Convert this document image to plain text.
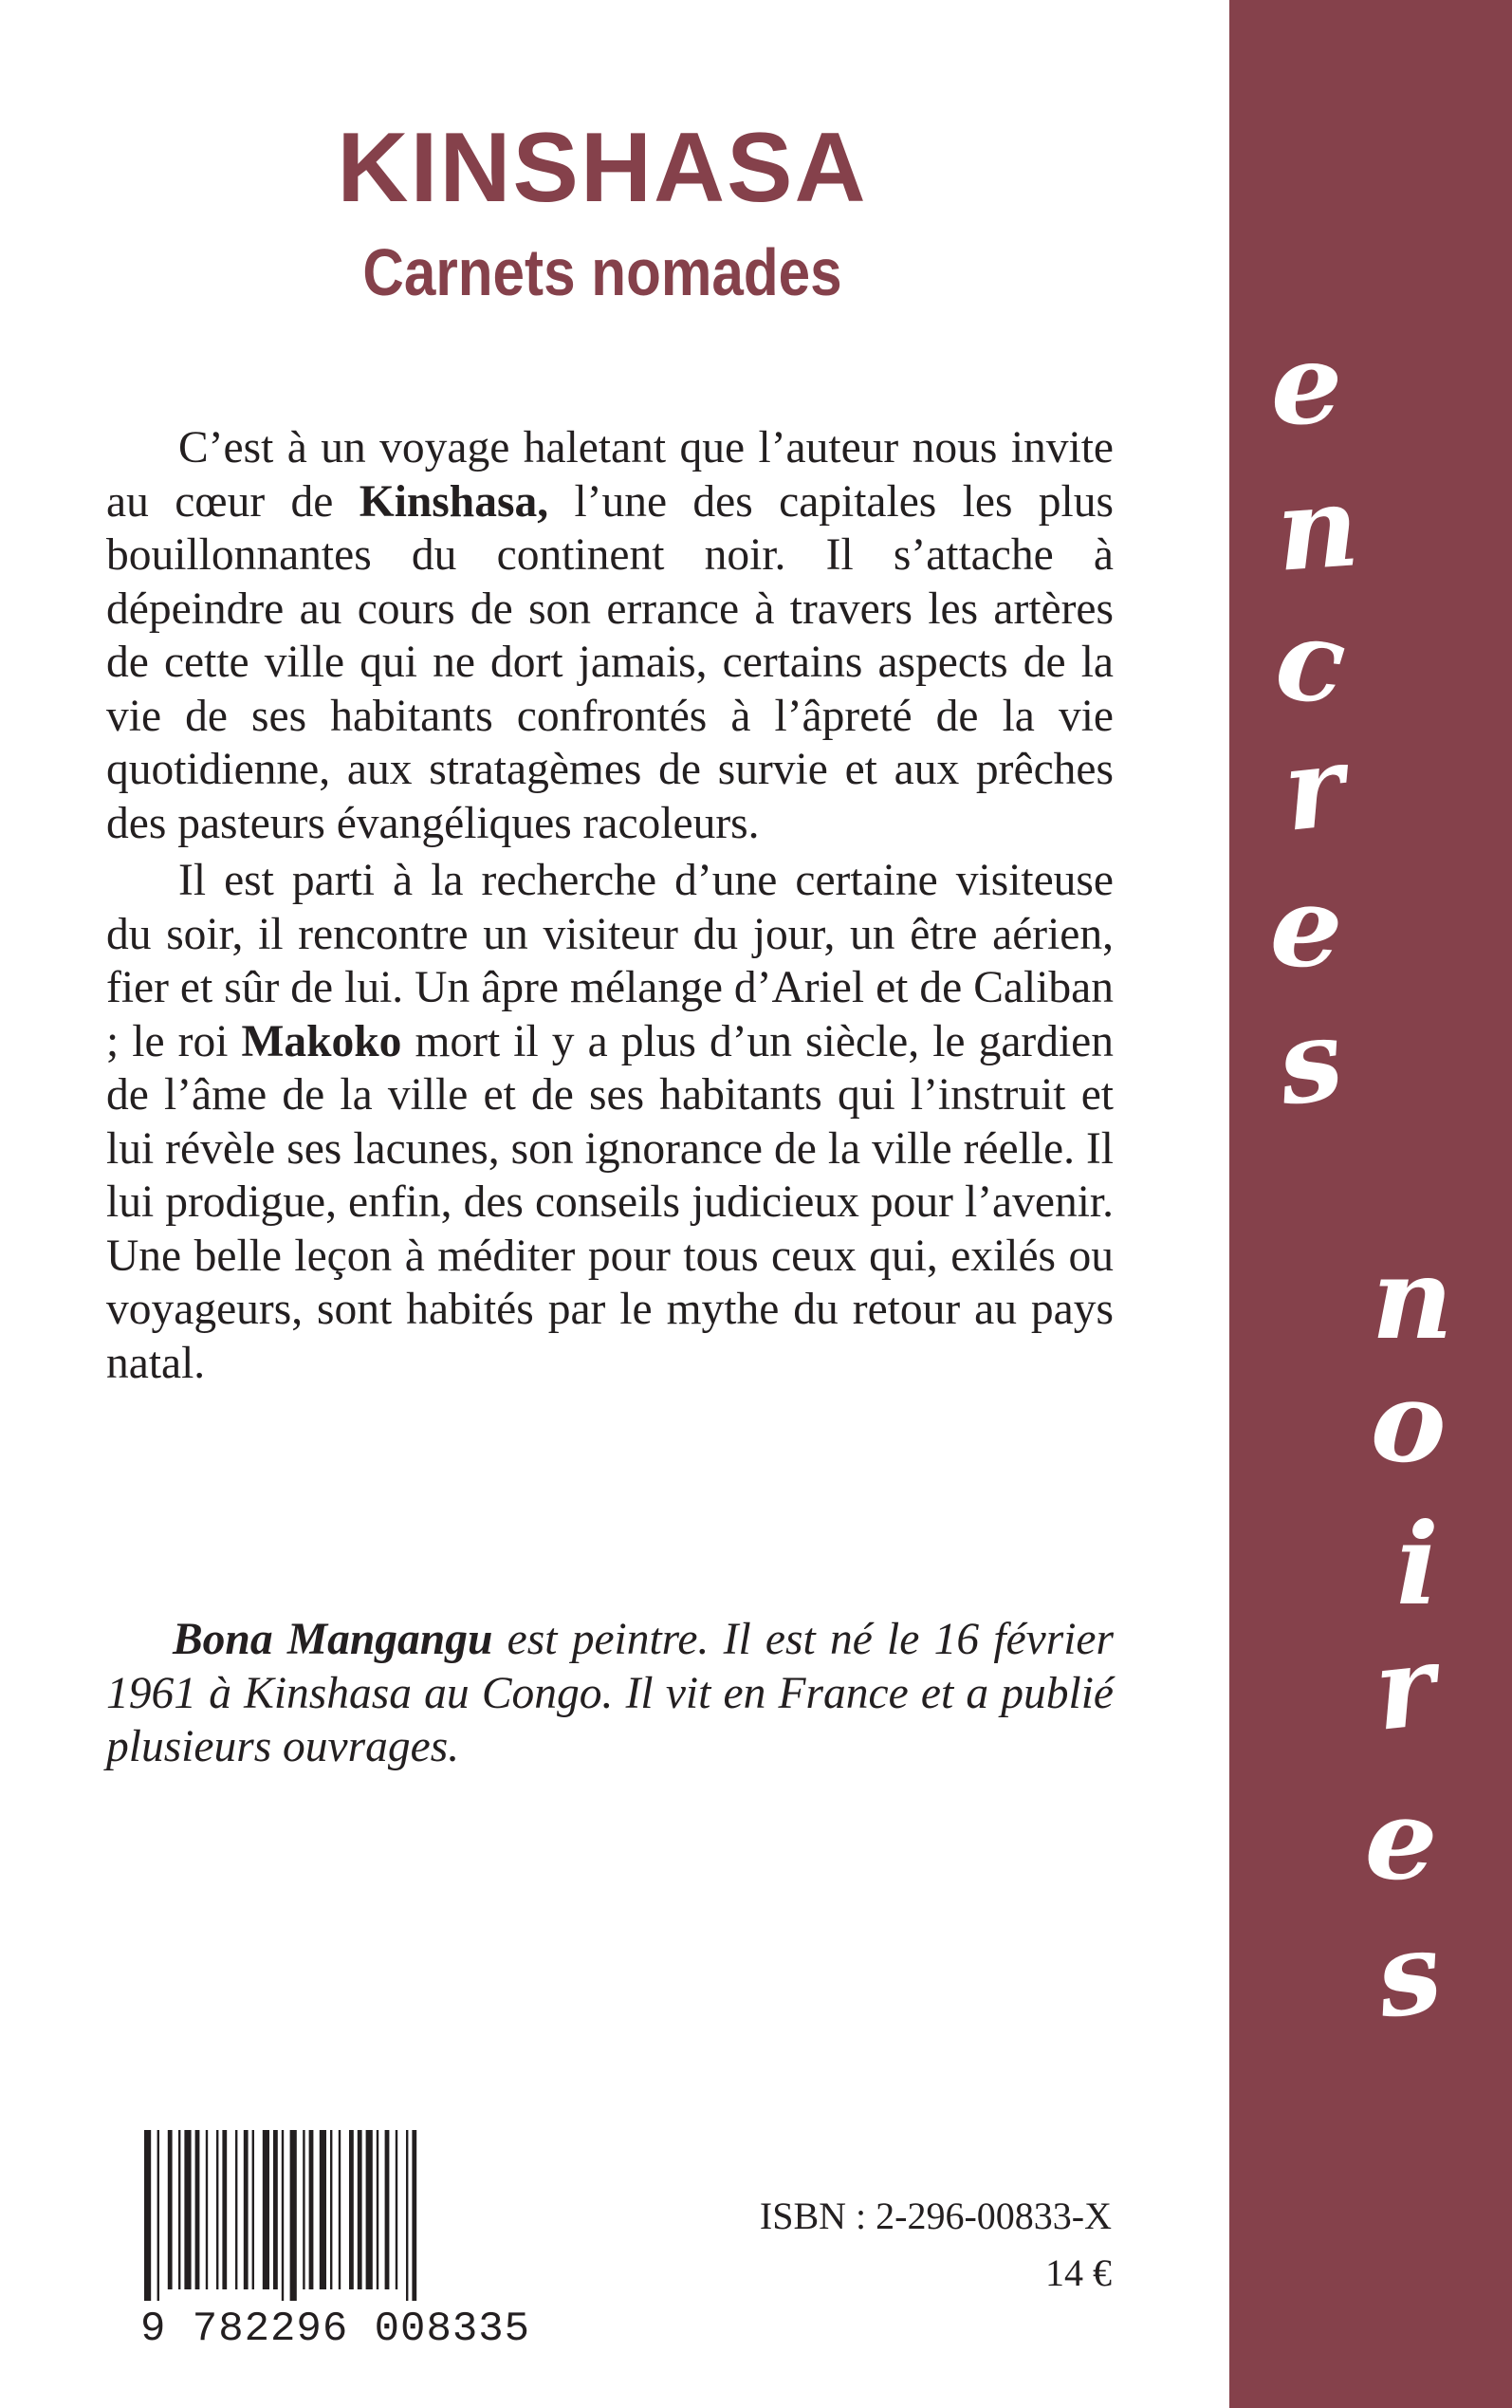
KINSHASA
Carnets nomades

C’est à un voyage haletant que l’auteur nous invite au cœur de Kinshasa, l’une des capitales les plus bouillonnantes du continent noir. Il s’attache à dépeindre au cours de son errance à travers les artères de cette ville qui ne dort jamais, certains aspects de la vie de ses habitants confrontés à l’âpreté de la vie quotidienne, aux stratagèmes de survie et aux prêches des pasteurs évangéliques racoleurs.

Il est parti à la recherche d’une certaine visiteuse du soir, il rencontre un visiteur du jour, un être aérien, fier et sûr de lui. Un âpre mélange d’Ariel et de Caliban ; le roi Makoko mort il y a plus d’un siècle, le gardien de l’âme de la ville et de ses habitants qui l’instruit et lui révèle ses lacunes, son ignorance de la ville réelle. Il lui prodigue, enfin, des conseils judicieux pour l’avenir. Une belle leçon à méditer pour tous ceux qui, exilés ou voyageurs, sont habités par le mythe du retour au pays natal.

Bona Mangangu est peintre. Il est né le 16 février 1961 à Kinshasa au Congo. Il vit en France et a publié plusieurs ouvrages.

9 782296 008335

ISBN : 2-296-00833-X

14 €

e
n
c
r
e
s
n
o
i
r
e
s
